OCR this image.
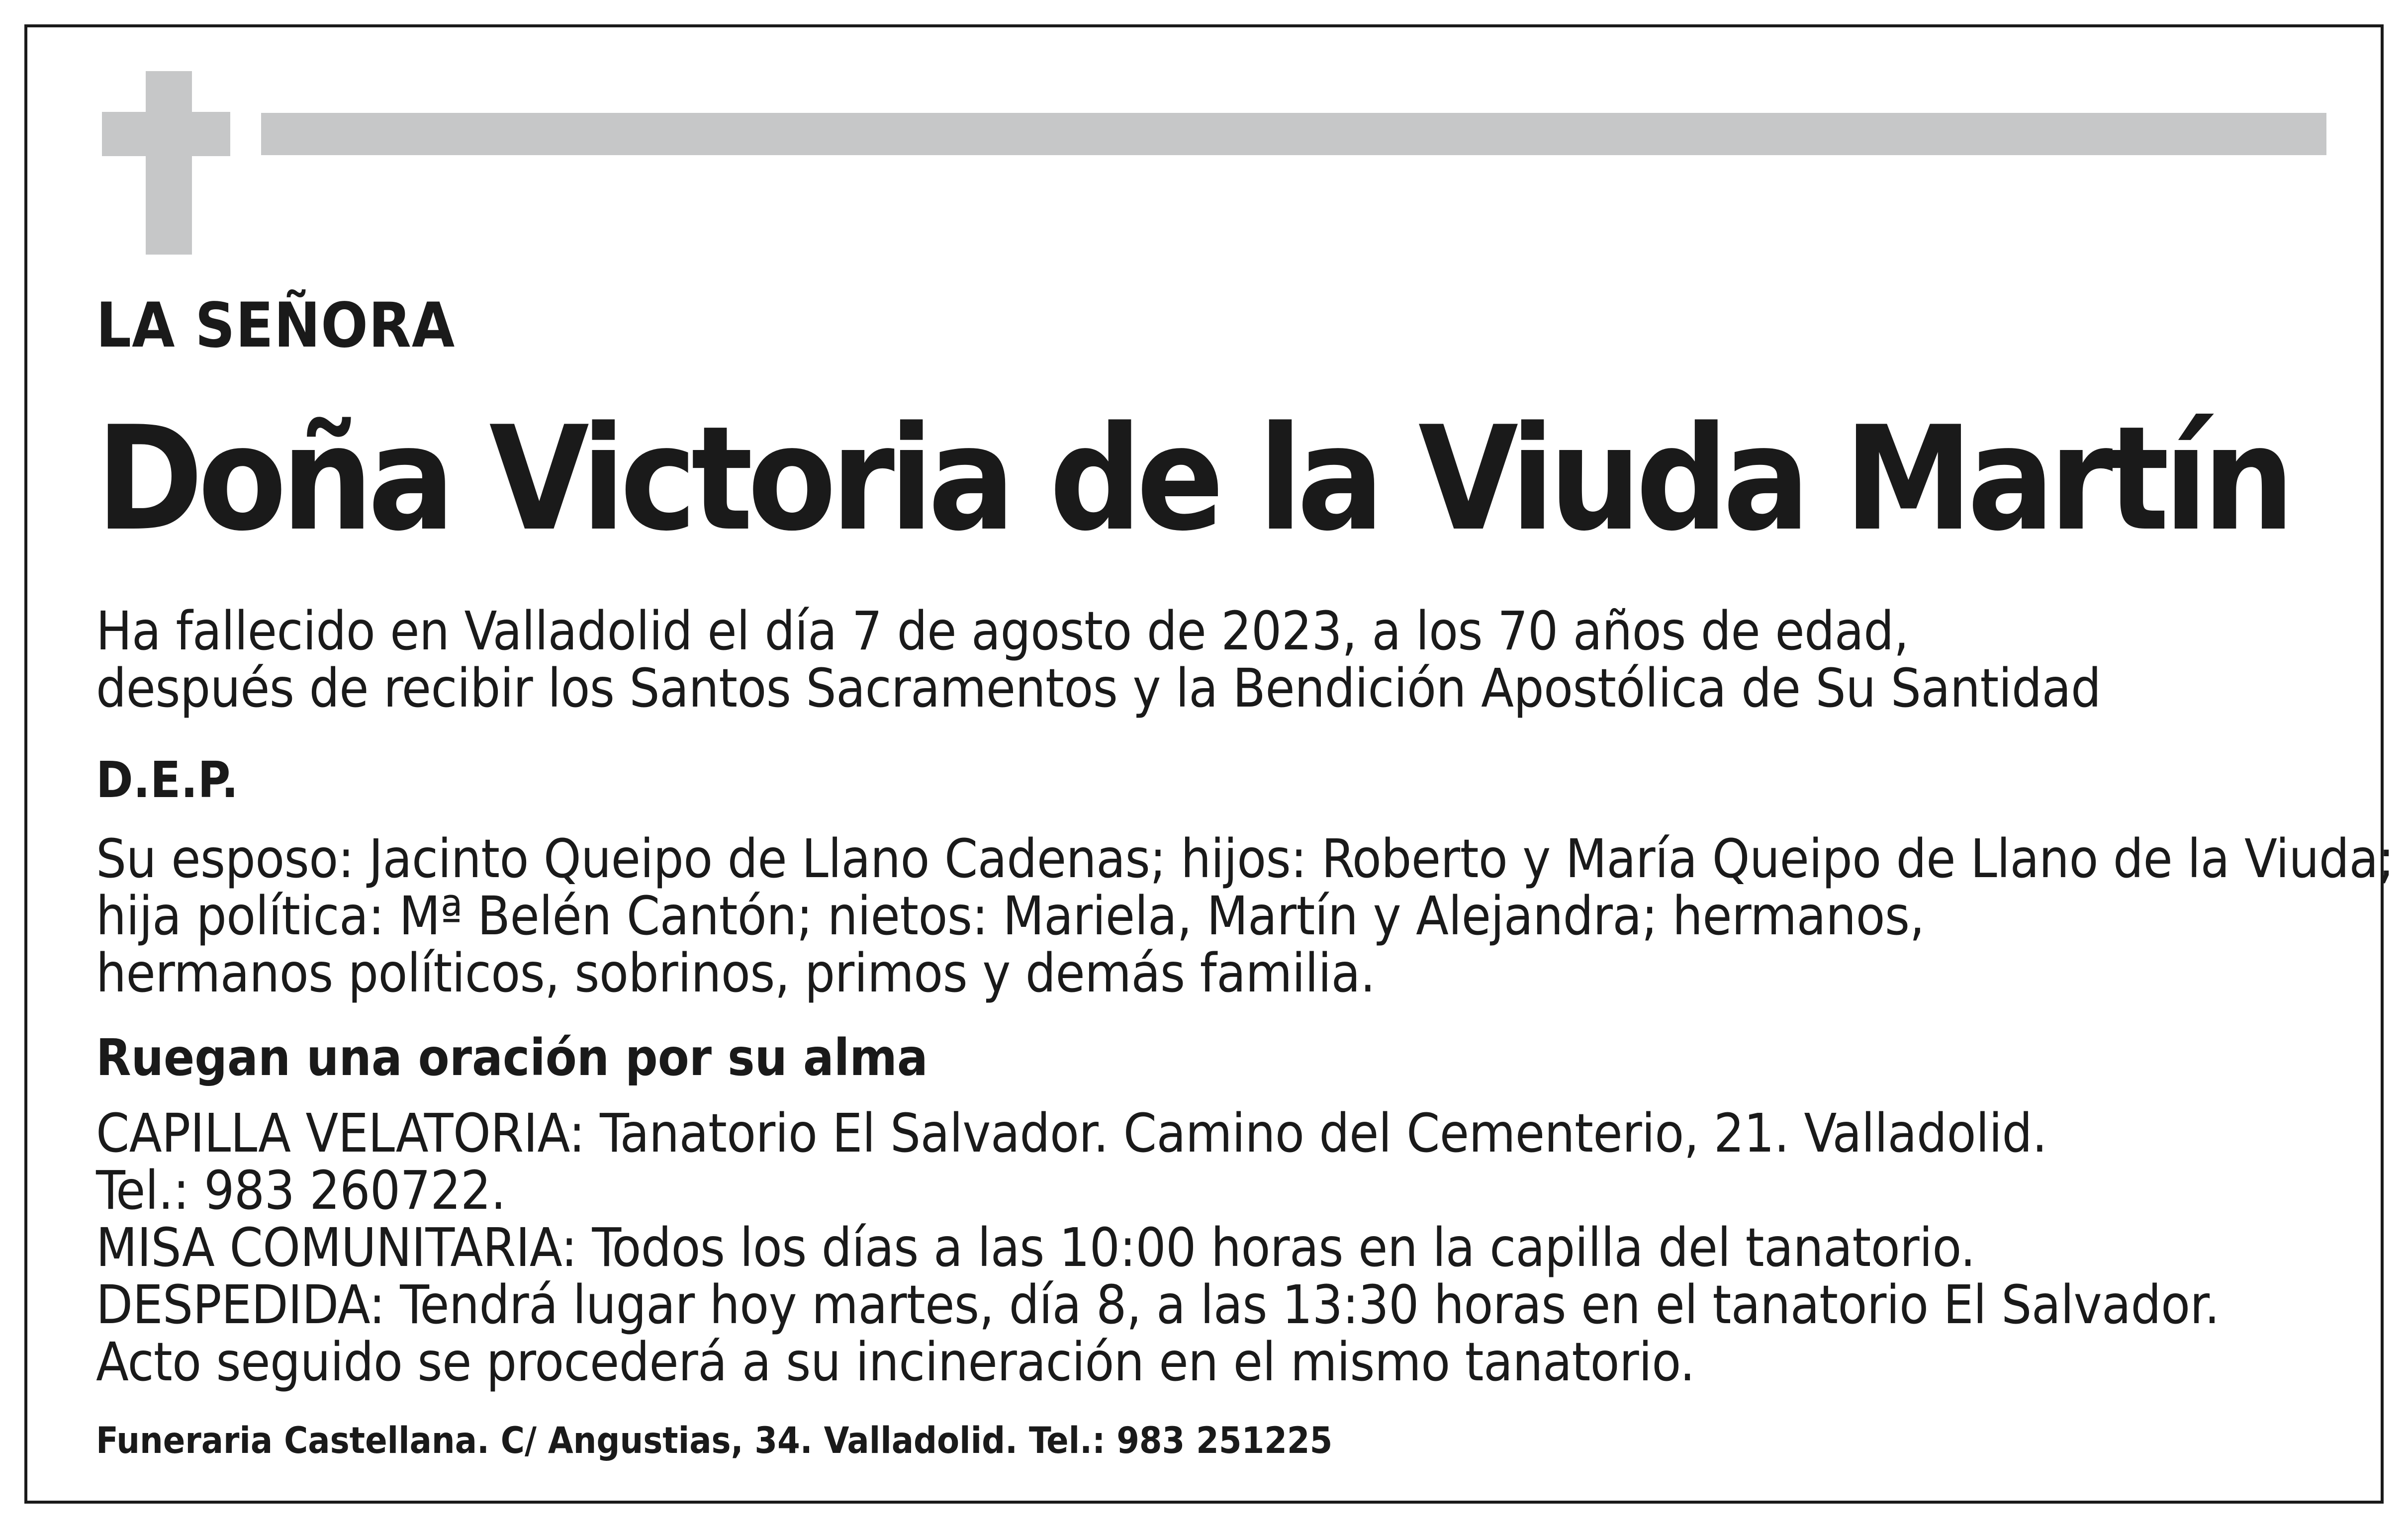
LA SEÑORA

Doña Victoria de la Viuda Martín

Ha fallecido en Valladolid el día 7 de agosto de 2023, a los 70 años de edad,
después de recibir los Santos Sacramentos y la Bendición Apostólica de Su Santidad

D.E.P.

Su esposo: Jacinto Queipo de Llano Cadenas; hijos: Roberto y María Queipo de Llano de la Viuda;
hija política: Mª Belén Cantón; nietos: Mariela, Martín y Alejandra; hermanos,
hermanos políticos, sobrinos, primos y demás familia.

Ruegan una oración por su alma

CAPILLA VELATORIA: Tanatorio El Salvador. Camino del Cementerio, 21. Valladolid.
Tel.: 983 260722.
MISA COMUNITARIA: Todos los días a las 10:00 horas en la capilla del tanatorio.
DESPEDIDA: Tendrá lugar hoy martes, día 8, a las 13:30 horas en el tanatorio El Salvador.
Acto seguido se procederá a su incineración en el mismo tanatorio.

Funeraria Castellana. C/ Angustias, 34. Valladolid. Tel.: 983 251225
